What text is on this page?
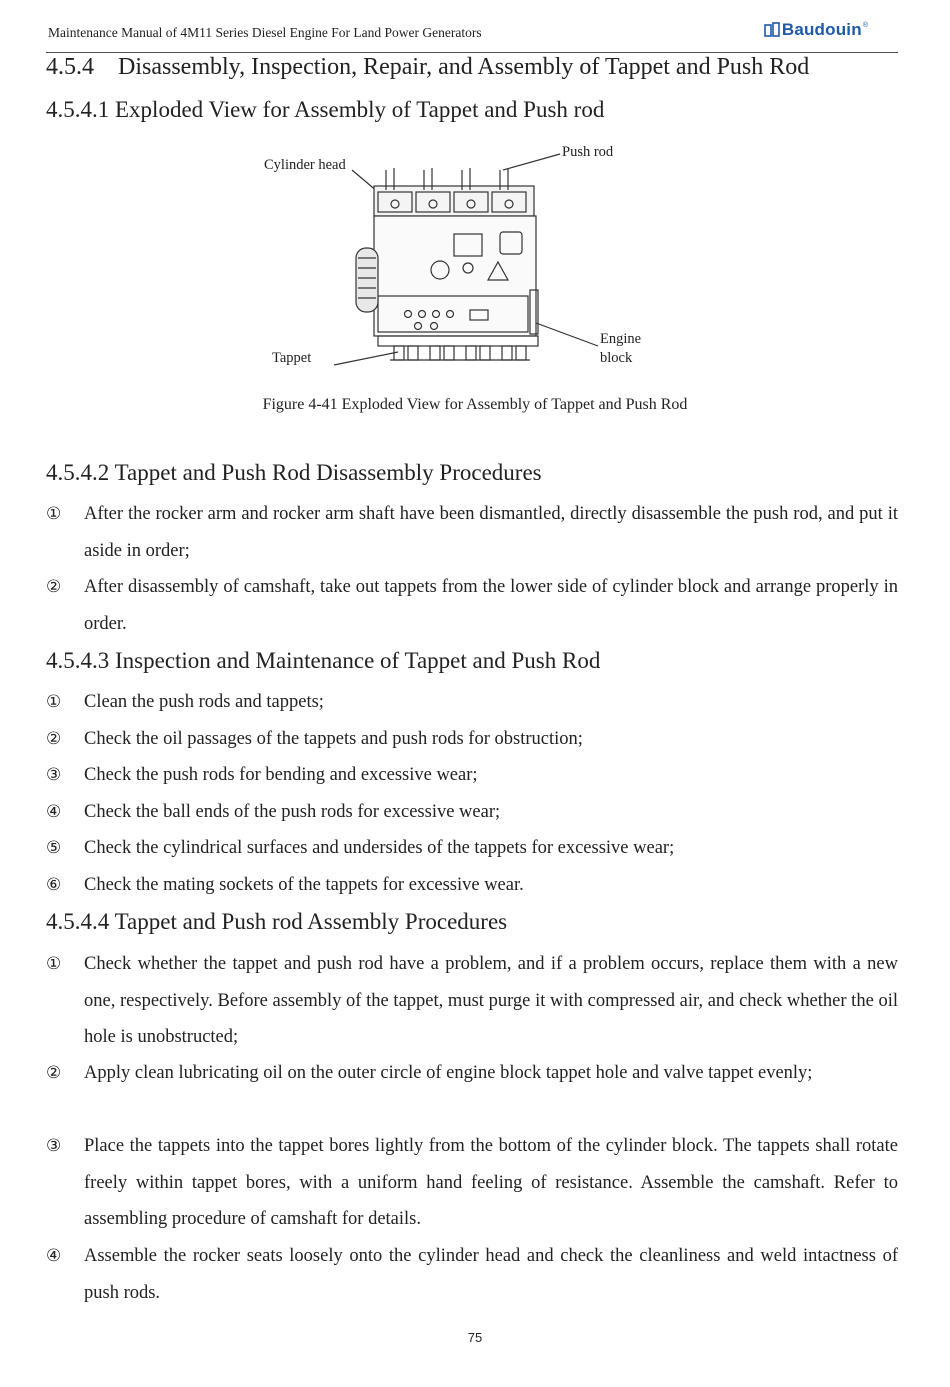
Maintenance Manual of 4M11 Series Diesel Engine For Land Power Generators	Baudouin ®
4.5.4 Disassembly, Inspection, Repair, and Assembly of Tappet and Push Rod
4.5.4.1 Exploded View for Assembly of Tappet and Push rod
Cylinder head
Push rod
Engine
block
Tappet
Figure 4-41 Exploded View for Assembly of Tappet and Push Rod
4.5.4.2 Tappet and Push Rod Disassembly Procedures
① After the rocker arm and rocker arm shaft have been dismantled, directly disassemble the push rod, and put it aside in order;
② After disassembly of camshaft, take out tappets from the lower side of cylinder block and arrange properly in order.
4.5.4.3 Inspection and Maintenance of Tappet and Push Rod
① Clean the push rods and tappets;
② Check the oil passages of the tappets and push rods for obstruction;
③ Check the push rods for bending and excessive wear;
④ Check the ball ends of the push rods for excessive wear;
⑤ Check the cylindrical surfaces and undersides of the tappets for excessive wear;
⑥ Check the mating sockets of the tappets for excessive wear.
4.5.4.4 Tappet and Push rod Assembly Procedures
① Check whether the tappet and push rod have a problem, and if a problem occurs, replace them with a new one, respectively. Before assembly of the tappet, must purge it with compressed air, and check whether the oil hole is unobstructed;
② Apply clean lubricating oil on the outer circle of engine block tappet hole and valve tappet evenly;
③ Place the tappets into the tappet bores lightly from the bottom of the cylinder block. The tappets shall rotate freely within tappet bores, with a uniform hand feeling of resistance. Assemble the camshaft. Refer to assembling procedure of camshaft for details.
④ Assemble the rocker seats loosely onto the cylinder head and check the cleanliness and weld intactness of push rods.
75
